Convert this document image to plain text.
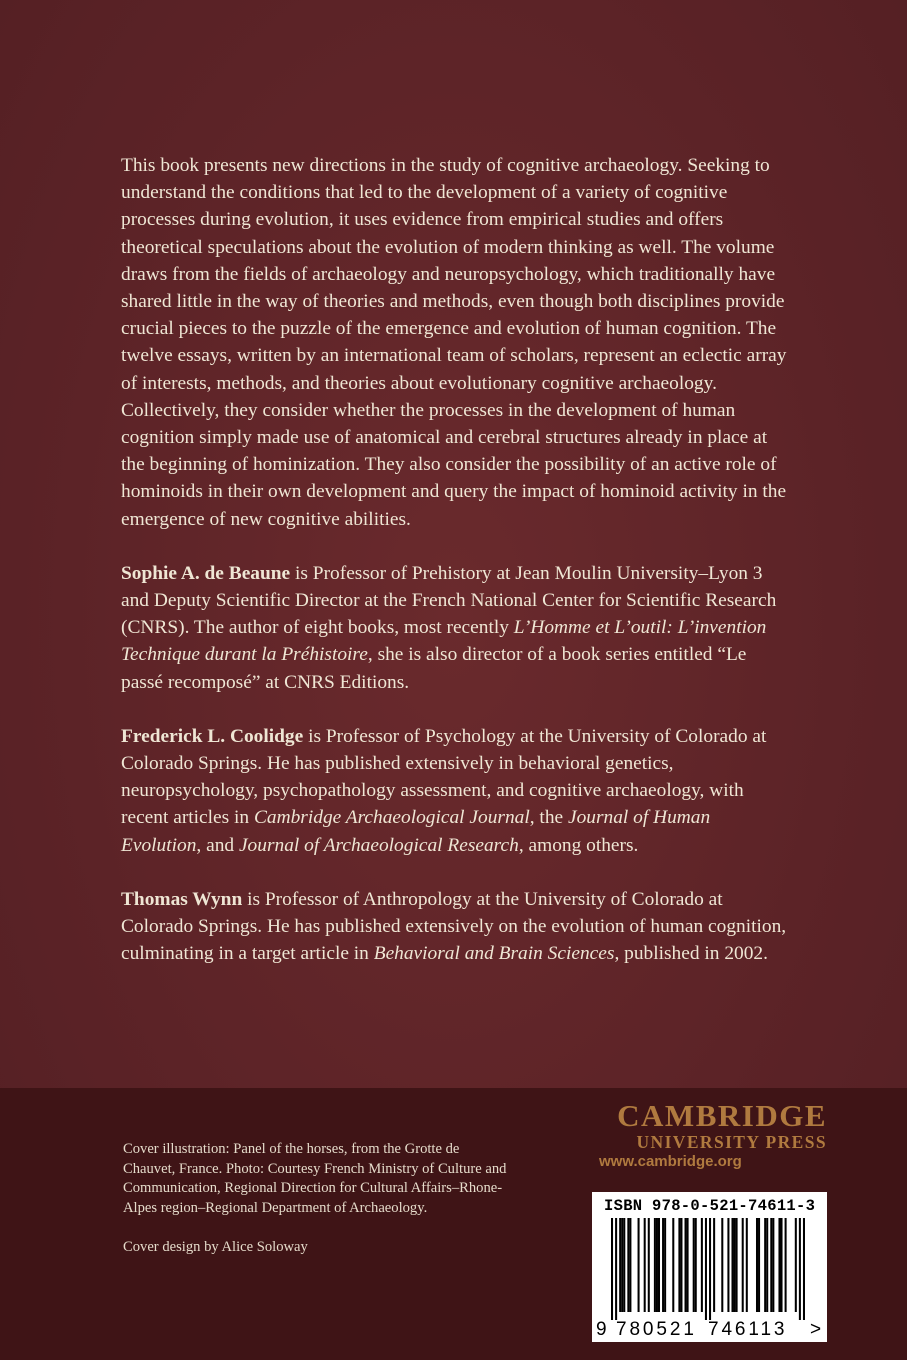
This book presents new directions in the study of cognitive archaeology. Seeking to understand the conditions that led to the development of a variety of cognitive processes during evolution, it uses evidence from empirical studies and offers theoretical speculations about the evolution of modern thinking as well. The volume draws from the fields of archaeology and neuropsychology, which traditionally have shared little in the way of theories and methods, even though both disciplines provide crucial pieces to the puzzle of the emergence and evolution of human cognition. The twelve essays, written by an international team of scholars, represent an eclectic array of interests, methods, and theories about evolutionary cognitive archaeology. Collectively, they consider whether the processes in the development of human cognition simply made use of anatomical and cerebral structures already in place at the beginning of hominization. They also consider the possibility of an active role of hominoids in their own development and query the impact of hominoid activity in the emergence of new cognitive abilities.

Sophie A. de Beaune is Professor of Prehistory at Jean Moulin University–Lyon 3 and Deputy Scientific Director at the French National Center for Scientific Research (CNRS). The author of eight books, most recently L’Homme et L’outil: L’invention Technique durant la Préhistoire, she is also director of a book series entitled “Le passé recomposé” at CNRS Editions.

Frederick L. Coolidge is Professor of Psychology at the University of Colorado at Colorado Springs. He has published extensively in behavioral genetics, neuropsychology, psychopathology assessment, and cognitive archaeology, with recent articles in Cambridge Archaeological Journal, the Journal of Human Evolution, and Journal of Archaeological Research, among others.

Thomas Wynn is Professor of Anthropology at the University of Colorado at Colorado Springs. He has published extensively on the evolution of human cognition, culminating in a target article in Behavioral and Brain Sciences, published in 2002.

Cover illustration: Panel of the horses, from the Grotte de Chauvet, France. Photo: Courtesy French Ministry of Culture and Communication, Regional Direction for Cultural Affairs–Rhone-Alpes region–Regional Department of Archaeology.

Cover design by Alice Soloway

CAMBRIDGE
UNIVERSITY PRESS
www.cambridge.org
ISBN 978-0-521-74611-3
9 780521 746113 >
